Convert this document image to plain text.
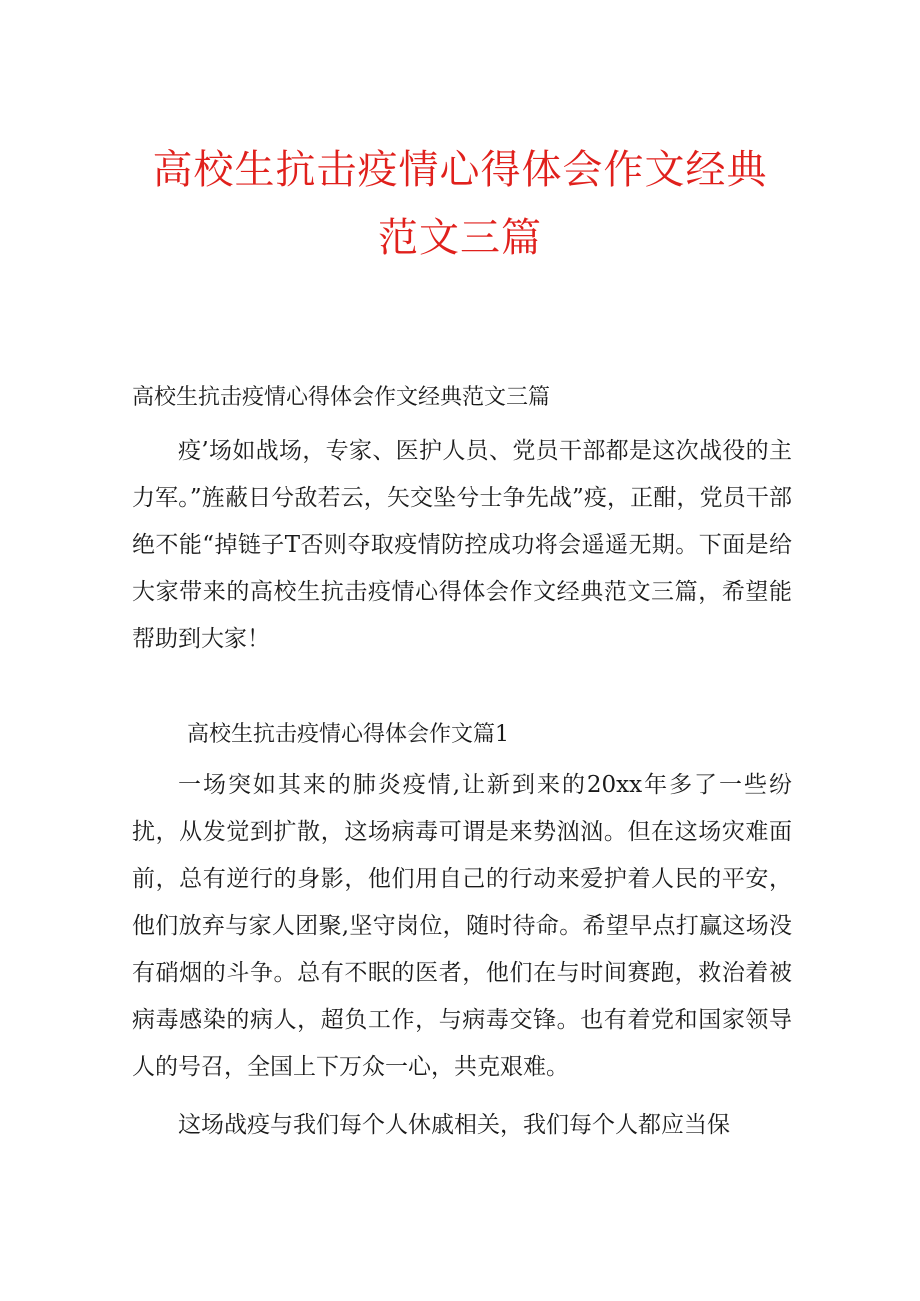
高校生抗击疫情心得体会作文经典
范文三篇

高校生抗击疫情心得体会作文经典范文三篇

疫’场如战场，专家、医护人员、党员干部都是这次战役的主力军。”旌蔽日兮敌若云，矢交坠兮士争先战”疫，正酣，党员干部绝不能“掉链子T否则夺取疫情防控成功将会遥遥无期。下面是给大家带来的高校生抗击疫情心得体会作文经典范文三篇，希望能帮助到大家！

高校生抗击疫情心得体会作文篇1

一场突如其来的肺炎疫情,让新到来的20xx年多了一些纷扰，从发觉到扩散，这场病毒可谓是来势汹汹。但在这场灾难面前，总有逆行的身影，他们用自己的行动来爱护着人民的平安，他们放弃与家人团聚,坚守岗位，随时待命。希望早点打赢这场没有硝烟的斗争。总有不眠的医者，他们在与时间赛跑，救治着被病毒感染的病人，超负工作，与病毒交锋。也有着党和国家领导人的号召，全国上下万众一心，共克艰难。

这场战疫与我们每个人休戚相关，我们每个人都应当保
